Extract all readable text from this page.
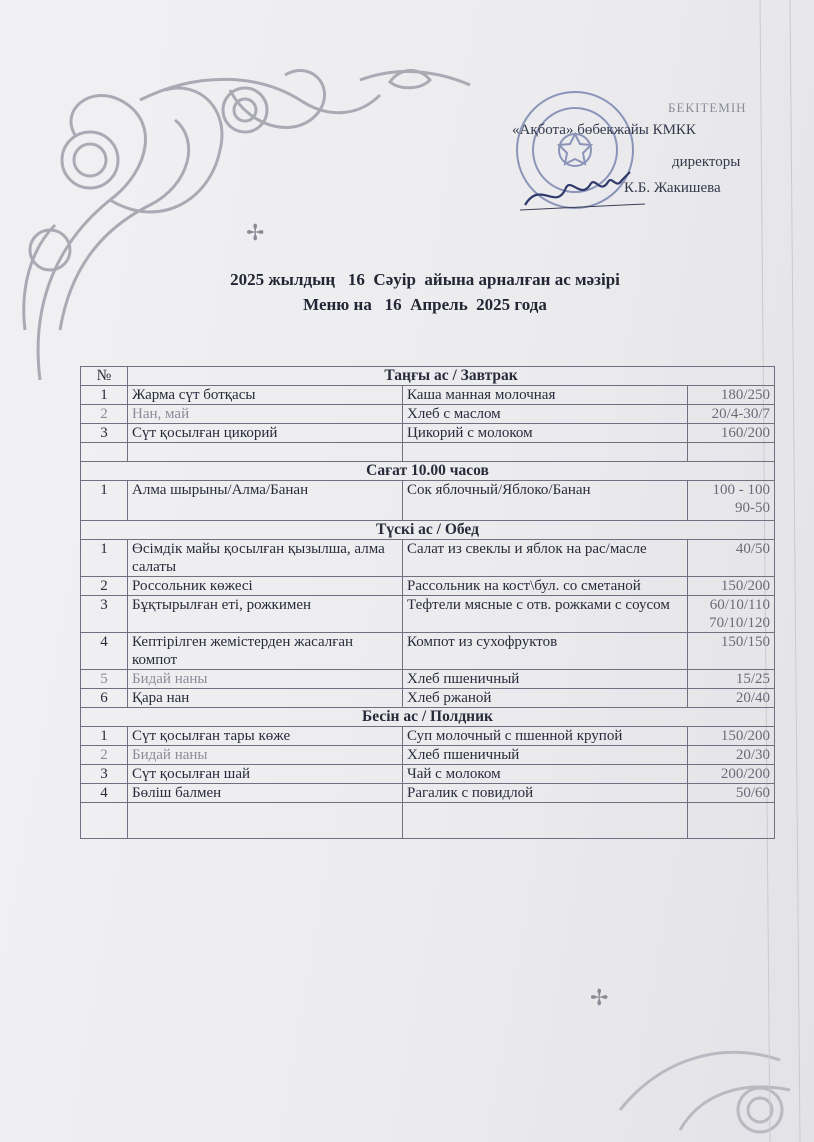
✢
✢
БЕКІТЕМІН
«Ақбота» бөбекжайы КМКК
директоры
К.Б. Жакишева
2025 жылдың   16  Сәуір  айына арналған ас мәзірі
Меню на   16  Апрель  2025 года
№	Таңғы ас / Завтрак		
1	Жарма сүт ботқасы	Каша манная молочная	180/250
2	Нан, май	Хлеб с маслом	20/4-30/7
3	Сүт қосылған цикорий	Цикорий с молоком	160/200

Сағат 10.00 часов			
1	Алма шырыны/Алма/Банан	Сок яблочный/Яблоко/Банан	100 - 100
90-50
Түскі ас / Обед			
1	Өсімдік майы қосылған қызылша, алма салаты	Салат из свеклы и яблок на рас/масле	40/50
2	Россольник көжесі	Рассольник на кост\бул. со сметаной	150/200
3	Бұқтырылған еті, рожкимен	Тефтели мясные с отв. рожками с соусом	60/10/110
70/10/120
4	Кептірілген жемістерден жасалған компот	Компот из сухофруктов	150/150
5	Бидай наны	Хлеб пшеничный	15/25
6	Қара нан	Хлеб ржаной	20/40
Бесін ас / Полдник			
1	Сүт қосылған тары көже	Суп молочный с пшенной крупой	150/200
2	Бидай наны	Хлеб пшеничный	20/30
3	Сүт қосылған шай	Чай с молоком	200/200
4	Бөліш балмен	Рагалик с повидлой	50/60
